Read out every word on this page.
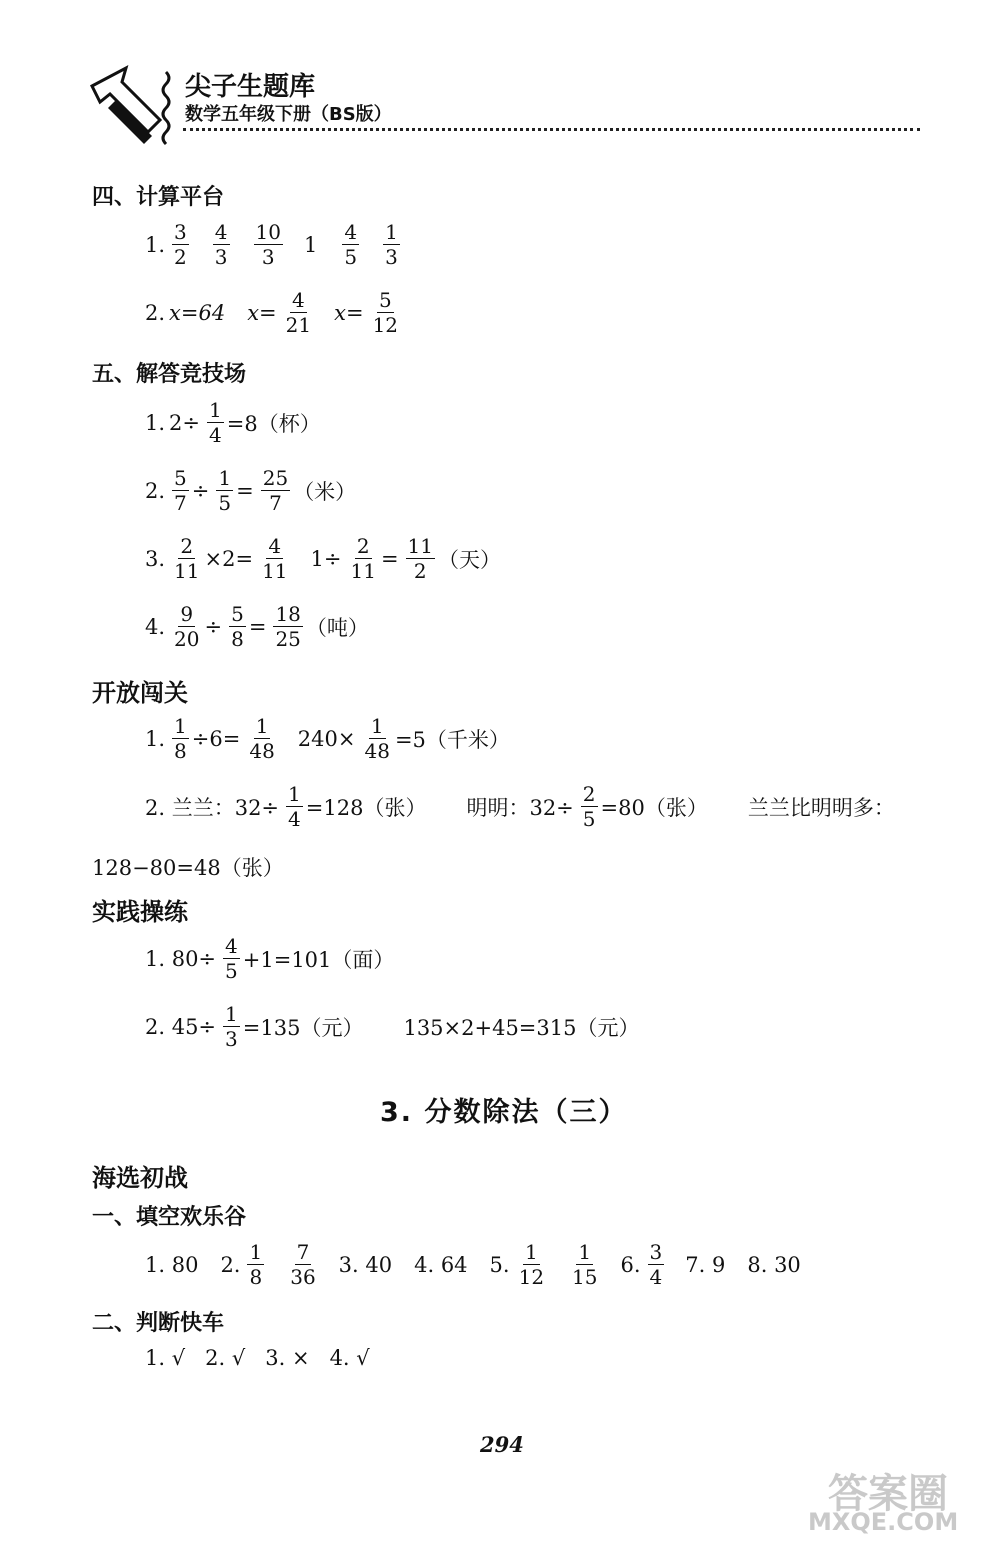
尖子生题库
数学五年级下册（BS版）
四、计算平台
1. $\frac{3}{2} \frac{4}{3} \frac{10}{3} 1 \frac{4}{5} \frac{1}{3}$
2. x=64 $x= \frac{4}{21} x= \frac{5}{12}$
五、解答竞技场
1. $2\div \frac{1}{4} =8$（杯）
2. $\frac{5}{7} \div \frac{1}{5} = \frac{25}{7}$ （米）
3. $\frac{2}{11} \times 2= \frac{4}{11} 1\div \frac{2}{11} = \frac{11}{2}$ （天）
4. $\frac{9}{20} \div \frac{5}{8} = \frac{18}{25}$ （吨）
开放闯关
1. $\frac{1}{8} \div 6= \frac{1}{48} 240\times \frac{1}{48} =5$（千米）
2. 兰兰：$32\div \frac{1}{4} =128$（张） 明明：$32\div \frac{2}{5} =80$（张） 兰兰比明明多：
128−80=48（张）
实践操练
1. $80\div \frac{4}{5} +1=101$（面）
2. $45\div \frac{1}{3} =135$（元） 135×2+45=315（元）
3. 分数除法（三）
海选初战
一、填空欢乐谷
1. 80 2. $\frac{1}{8} \frac{7}{36} 3$. 40 4. 64 5. $\frac{1}{12} \frac{1}{15} 6$. $\frac{3}{4} 7$. 9 8. 30
二、判断快车
1. √   2. √   3. ×   4. √
294
答案圈
MXQE.COM
